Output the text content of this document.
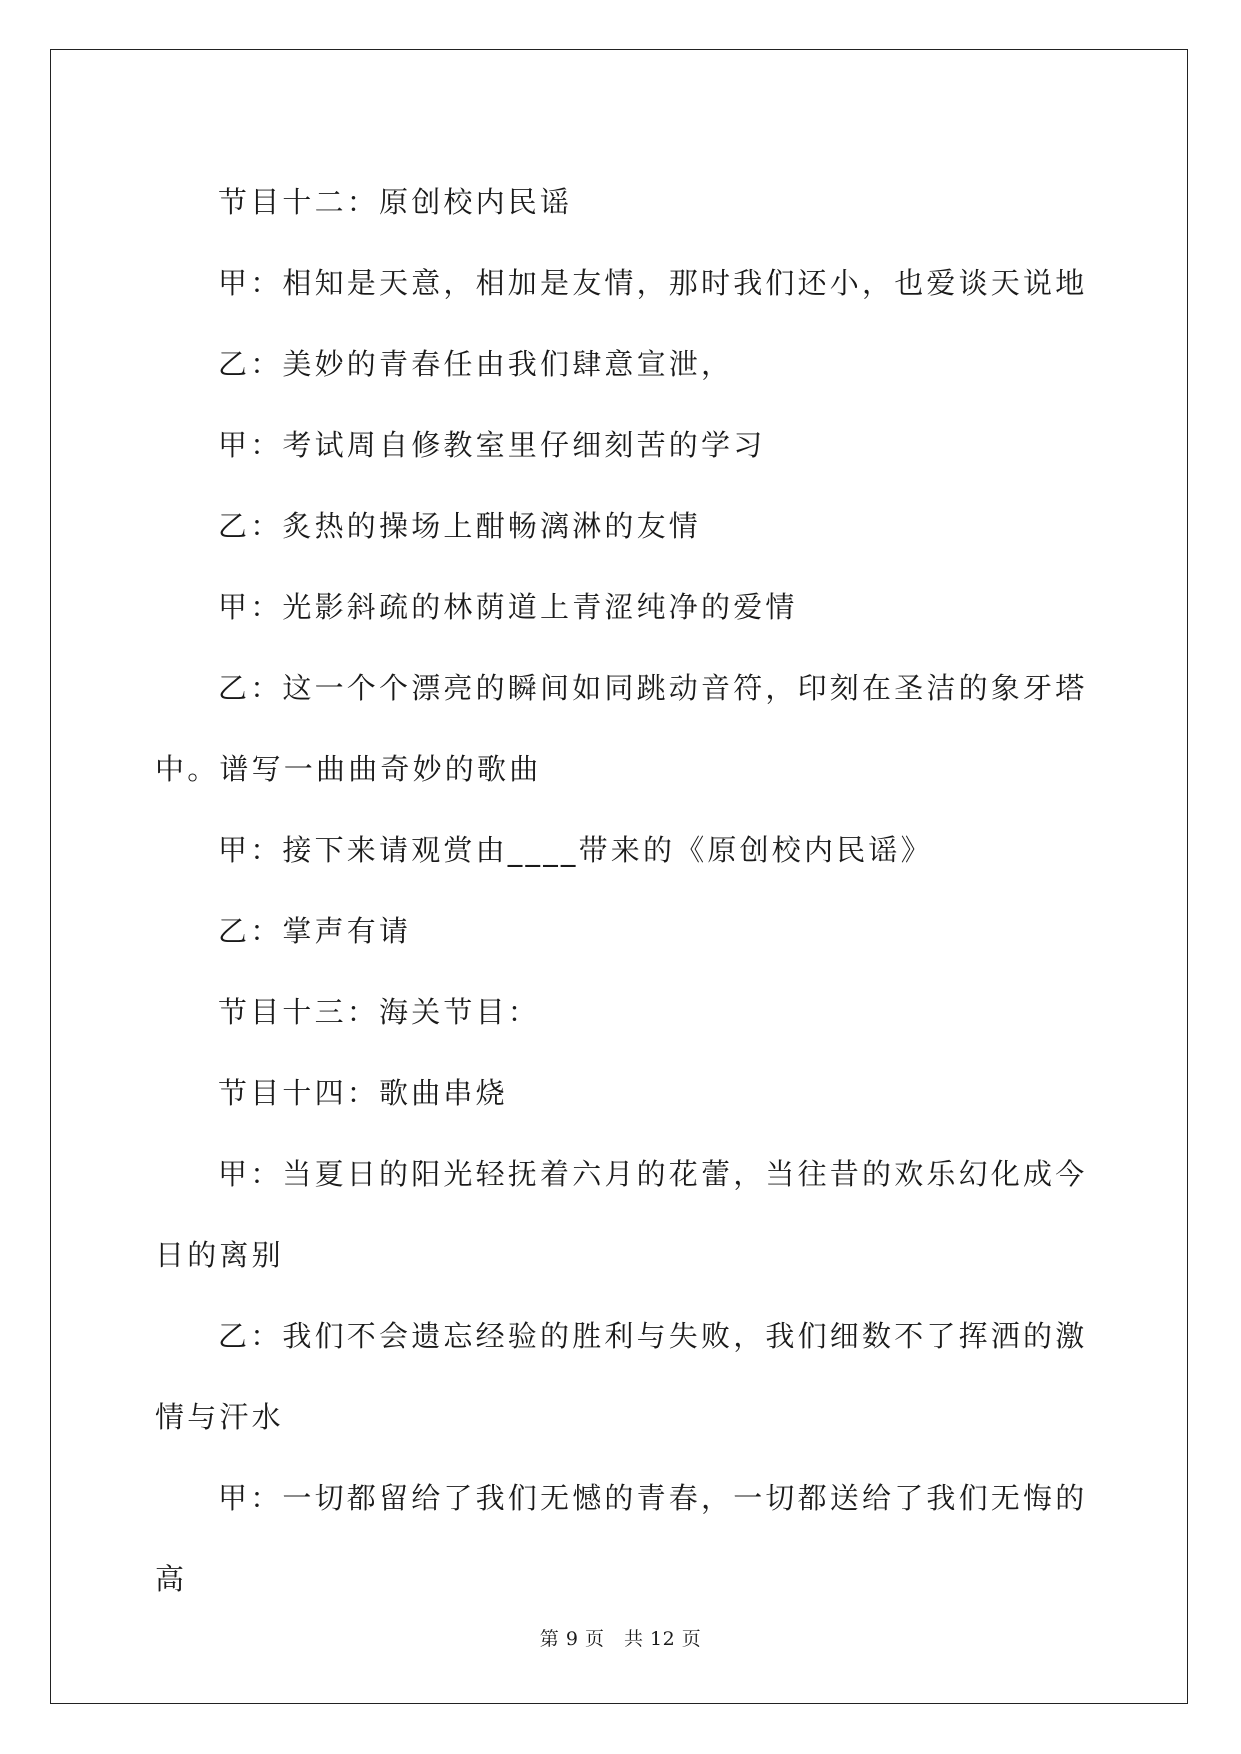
节目十二：原创校内民谣

甲：相知是天意，相加是友情，那时我们还小，也爱谈天说地

乙：美妙的青春任由我们肆意宣泄，

甲：考试周自修教室里仔细刻苦的学习

乙：炙热的操场上酣畅漓淋的友情

甲：光影斜疏的林荫道上青涩纯净的爱情

乙：这一个个漂亮的瞬间如同跳动音符，印刻在圣洁的象牙塔中。谱写一曲曲奇妙的歌曲

甲：接下来请观赏由____带来的《原创校内民谣》

乙：掌声有请

节目十三：海关节目：

节目十四：歌曲串烧

甲：当夏日的阳光轻抚着六月的花蕾，当往昔的欢乐幻化成今日的离别

乙：我们不会遗忘经验的胜利与失败，我们细数不了挥洒的激情与汗水

甲：一切都留给了我们无憾的青春，一切都送给了我们无悔的高

第 9 页　共 12 页
